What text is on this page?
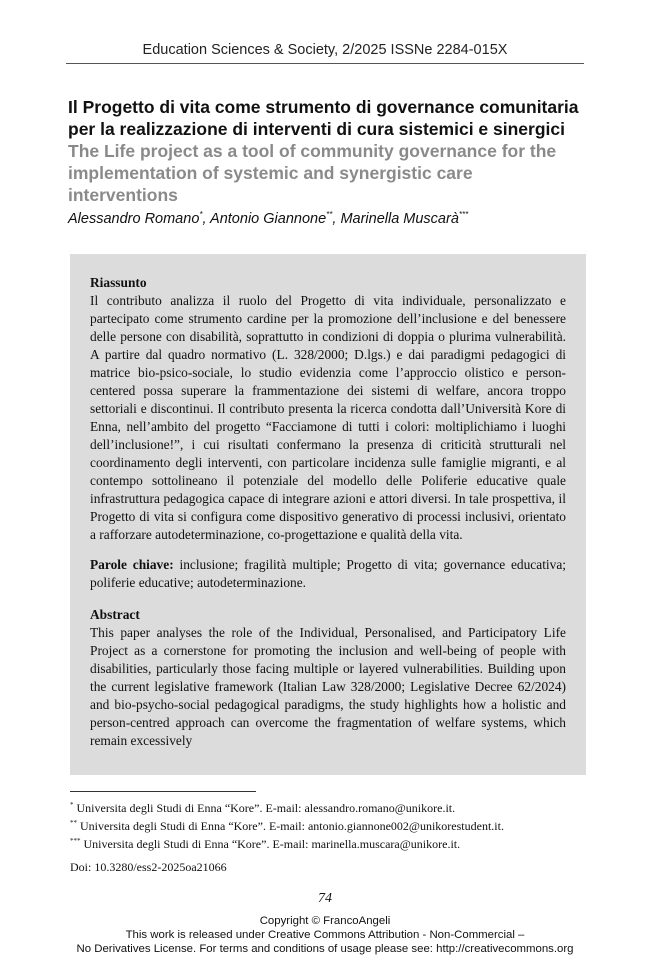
Education Sciences & Society, 2/2025 ISSNe 2284-015X
Il Progetto di vita come strumento di governance comunitaria per la realizzazione di interventi di cura sistemici e sinergici
The Life project as a tool of community governance for the implementation of systemic and synergistic care interventions
Alessandro Romano*, Antonio Giannone**, Marinella Muscarà***
Riassunto

Il contributo analizza il ruolo del Progetto di vita individuale, personalizzato e partecipato come strumento cardine per la promozione dell’inclusione e del benessere delle persone con disabilità, soprattutto in condizioni di doppia o plurima vulnerabilità. A partire dal quadro normativo (L. 328/2000; D.lgs.) e dai paradigmi pedagogici di matrice bio-psico-sociale, lo studio evidenzia come l’approccio olistico e person-centered possa superare la frammentazione dei sistemi di welfare, ancora troppo settoriali e discontinui. Il contributo presenta la ricerca condotta dall’Università Kore di Enna, nell’ambito del progetto “Facciamone di tutti i colori: moltiplichiamo i luoghi dell’inclusione!”, i cui risultati confermano la presenza di criticità strutturali nel coordinamento degli interventi, con particolare incidenza sulle famiglie migranti, e al contempo sottolineano il potenziale del modello delle Poliferie educative quale infrastruttura pedagogica capace di integrare azioni e attori diversi. In tale prospettiva, il Progetto di vita si configura come dispositivo generativo di processi inclusivi, orientato a rafforzare autodeterminazione, co-progettazione e qualità della vita.

Parole chiave: inclusione; fragilità multiple; Progetto di vita; governance educativa; poliferie educative; autodeterminazione.

Abstract

This paper analyses the role of the Individual, Personalised, and Participatory Life Project as a cornerstone for promoting the inclusion and well-being of people with disabilities, particularly those facing multiple or layered vulnerabilities. Building upon the current legislative framework (Italian Law 328/2000; Legislative Decree 62/2024) and bio-psycho-social pedagogical paradigms, the study highlights how a holistic and person-centred approach can overcome the fragmentation of welfare systems, which remain excessively

* Universita degli Studi di Enna “Kore”. E-mail: alessandro.romano@unikore.it.
** Universita degli Studi di Enna “Kore”. E-mail: antonio.giannone002@unikorestudent.it.
*** Universita degli Studi di Enna “Kore”. E-mail: marinella.muscara@unikore.it.
Doi: 10.3280/ess2-2025oa21066
74
Copyright © FrancoAngeli
This work is released under Creative Commons Attribution - Non-Commercial –
No Derivatives License. For terms and conditions of usage please see: http://creativecommons.org
